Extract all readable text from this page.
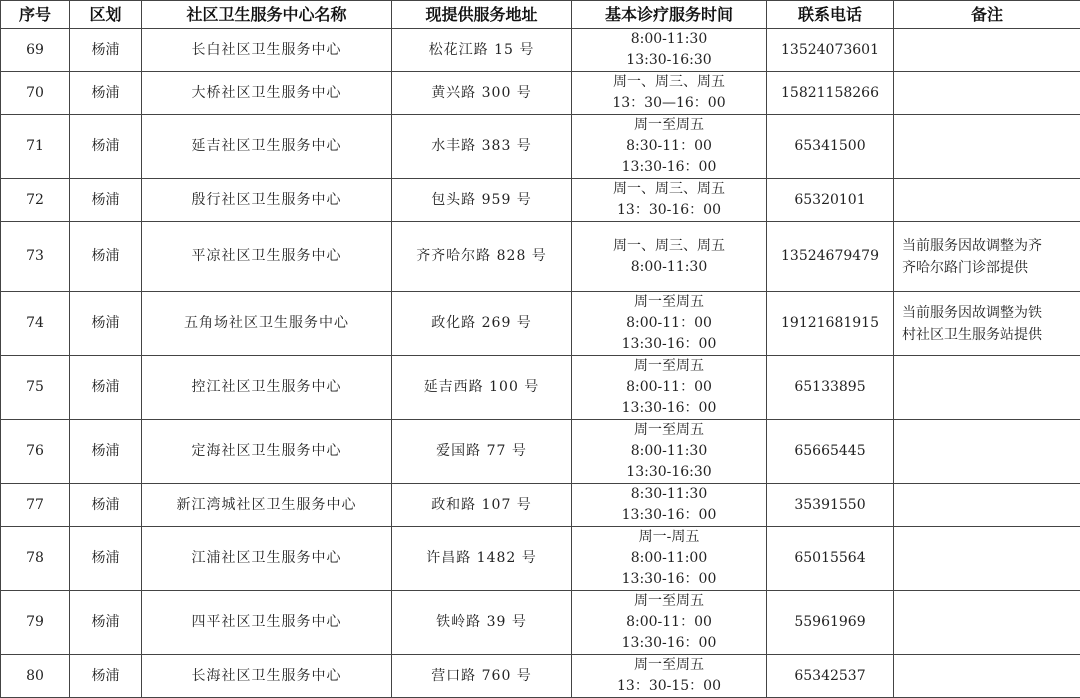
序号	区划	社区卫生服务中心名称	现提供服务地址	基本诊疗服务时间	联系电话	备注
69	杨浦	长白社区卫生服务中心	松花江路 15 号	8:00-11:30
13:30-16:30	13524073601	
70	杨浦	大桥社区卫生服务中心	黄兴路 300 号	周一、周三、周五
13：30—16：00	15821158266	
71	杨浦	延吉社区卫生服务中心	水丰路 383 号	周一至周五
8:30-11：00
13:30-16：00	65341500	
72	杨浦	殷行社区卫生服务中心	包头路 959 号	周一、周三、周五
13：30-16：00	65320101	
73	杨浦	平凉社区卫生服务中心	齐齐哈尔路 828 号	周一、周三、周五
8:00-11:30	13524679479	当前服务因故调整为齐
齐哈尔路门诊部提供

74	杨浦	五角场社区卫生服务中心	政化路 269 号	周一至周五
8:00-11：00
13:30-16：00	19121681915	当前服务因故调整为铁
村社区卫生服务站提供

75	杨浦	控江社区卫生服务中心	延吉西路 100 号	周一至周五
8:00-11：00
13:30-16：00	65133895	
76	杨浦	定海社区卫生服务中心	爱国路 77 号	周一至周五
8:00-11:30
13:30-16:30	65665445	
77	杨浦	新江湾城社区卫生服务中心	政和路 107 号	8:30-11:30
13:30-16：00	35391550	
78	杨浦	江浦社区卫生服务中心	许昌路 1482 号	周一-周五
8:00-11:00
13:30-16：00	65015564	
79	杨浦	四平社区卫生服务中心	铁岭路 39 号	周一至周五
8:00-11：00
13:30-16：00	55961969	
80	杨浦	长海社区卫生服务中心	营口路 760 号	周一至周五
13：30-15：00	65342537	
